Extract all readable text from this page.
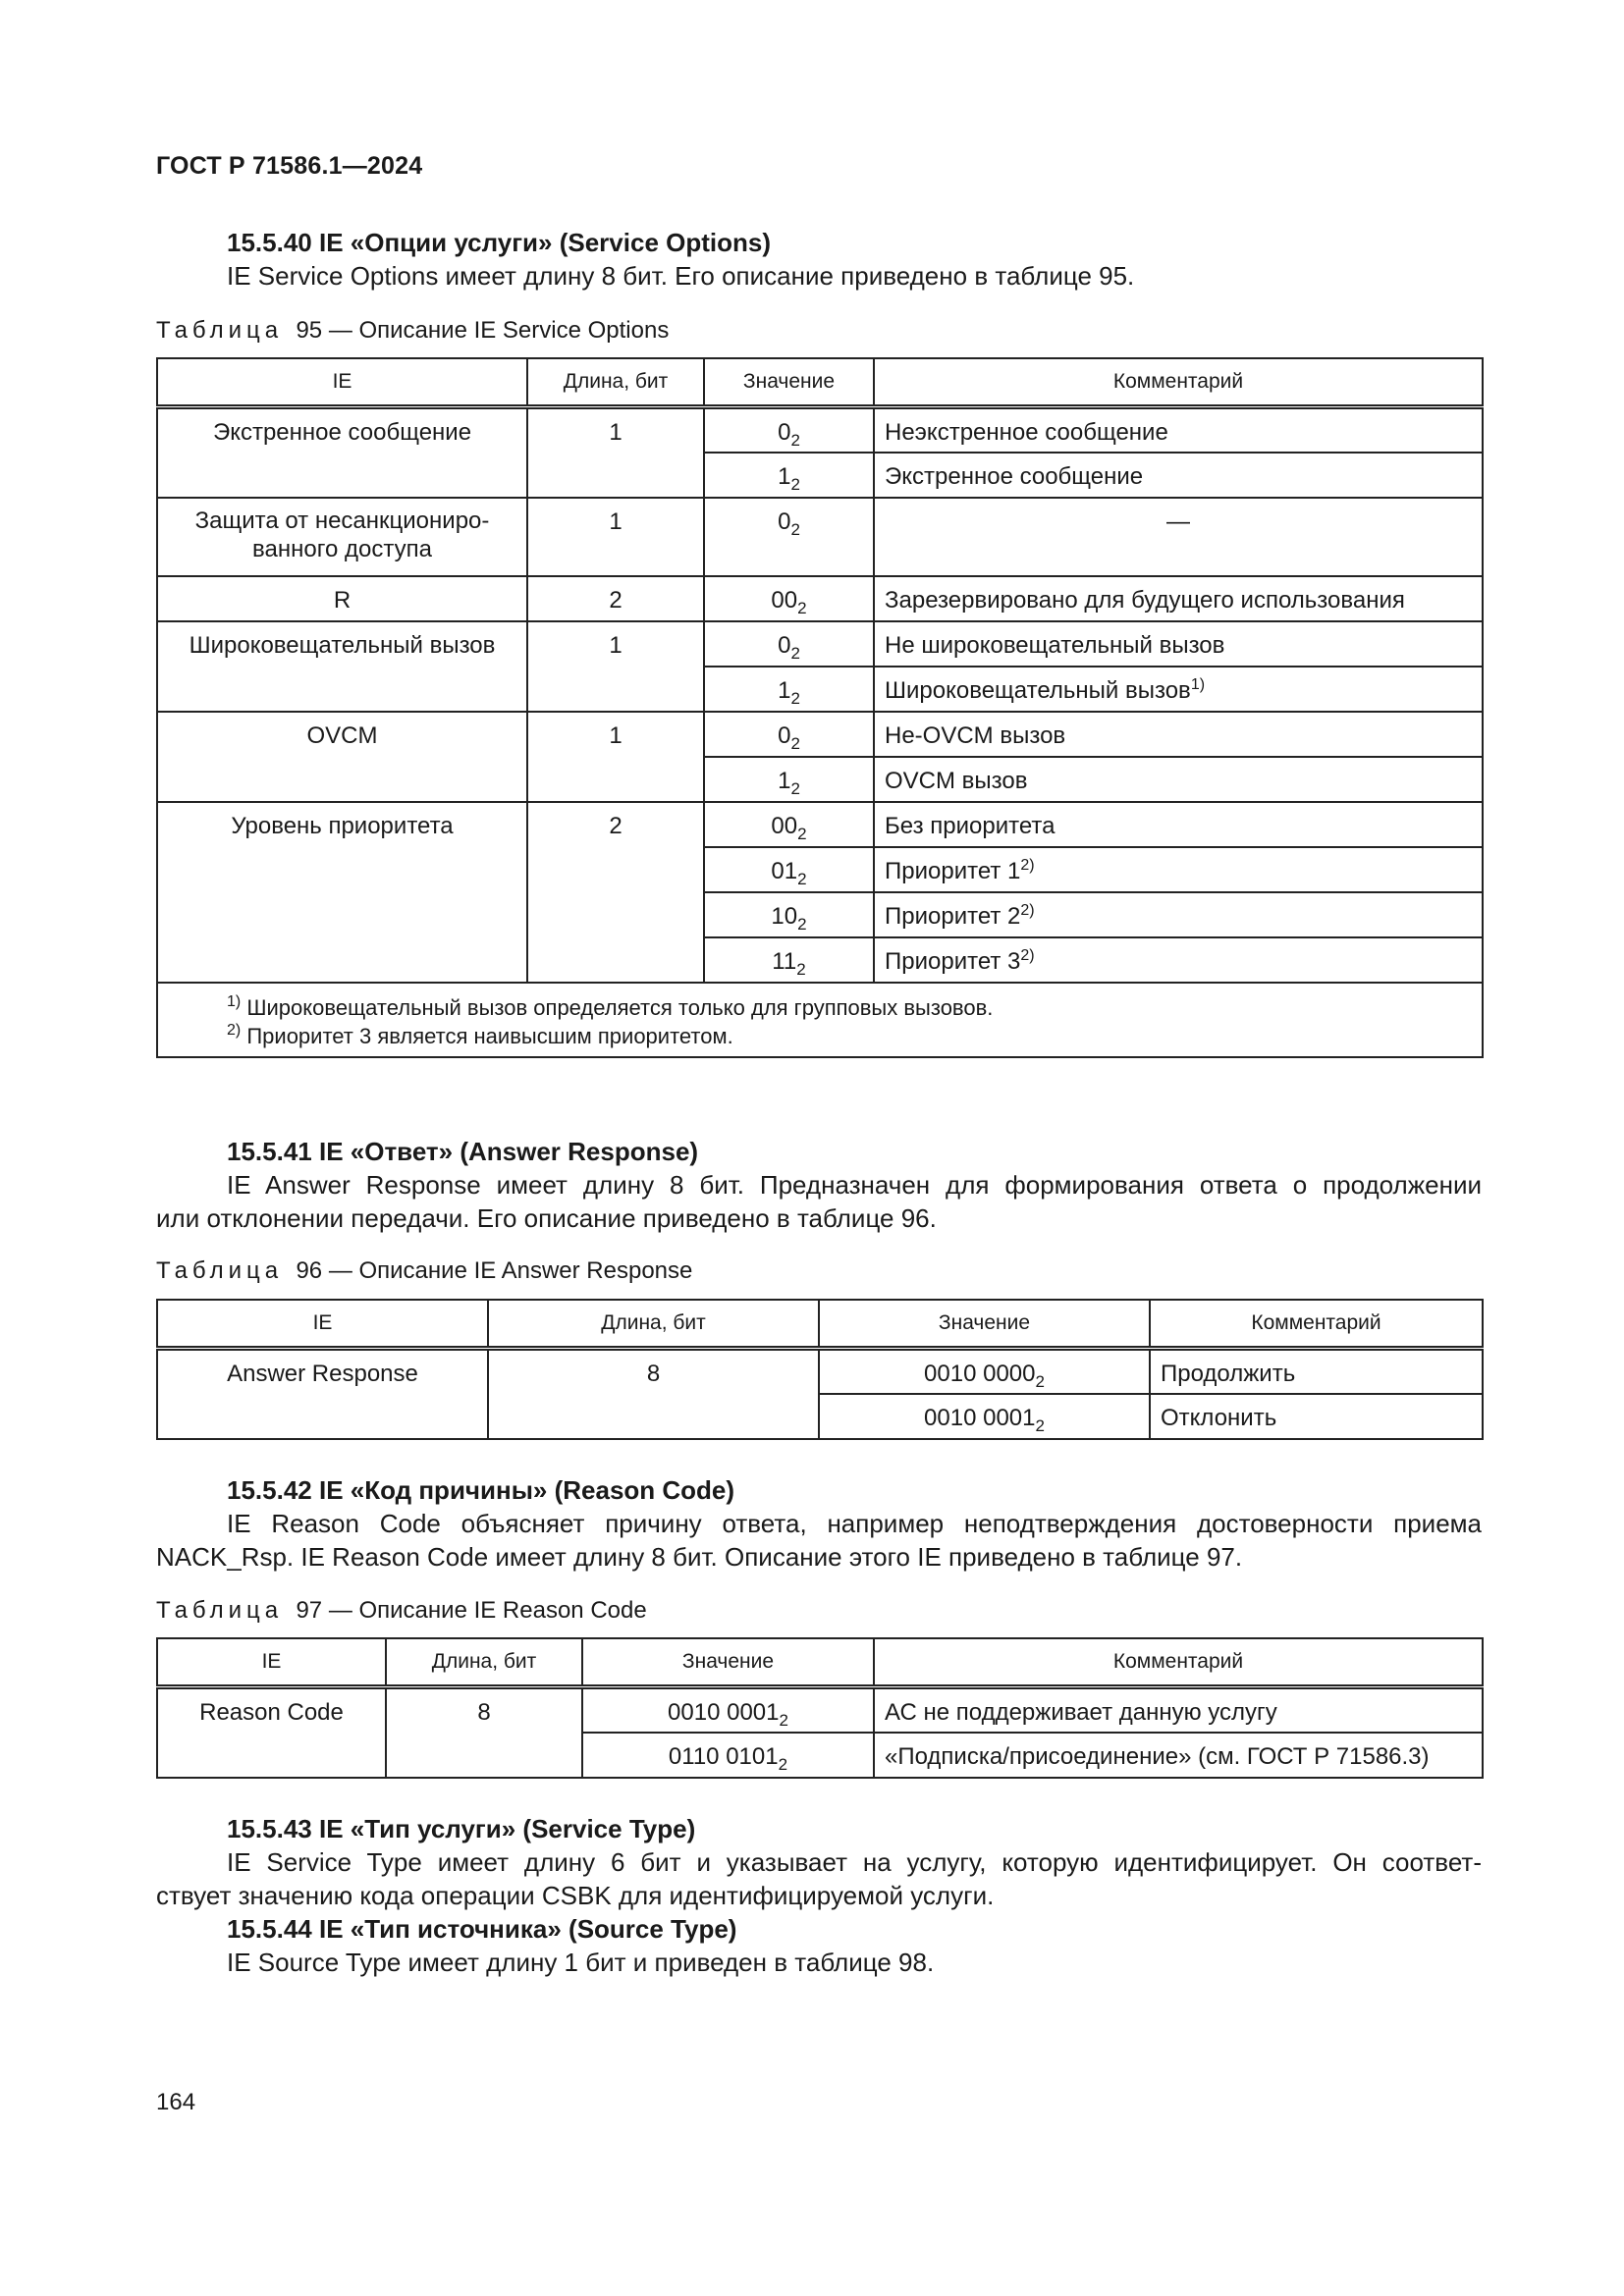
ГОСТ Р 71586.1—2024
15.5.40 IE «Опции услуги» (Service Options)
IE Service Options имеет длину 8 бит. Его описание приведено в таблице 95.
Таблица 95 — Описание IE Service Options
IE	Длина, бит	Значение	Комментарий
Экстренное сообщение	1	$0_2$	Неэкстренное сообщение
		$1_2$	Экстренное сообщение

Защита от несанкциониро-
ванного доступа	1	$0_2$	—
R	2	$00_2$	Зарезервировано для будущего использования
Широковещательный вызов	1	$0_2$	Не широковещательный вызов
		$1_2$	Широковещательный вызов$^{1)}$
OVCM	1	$0_2$	Не-OVCM вызов
		$1_2$	OVCM вызов
Уровень приоритета	2	$00_2$	Без приоритета
		$01_2$	Приоритет 1$^{2)}$
		$10_2$	Приоритет 2$^{2)}$
		$11_2$	Приоритет 3$^{2)}$

$^{1)}$ Широковещательный вызов определяется только для групповых вызовов.
$^{2)}$ Приоритет 3 является наивысшим приоритетом.			
15.5.41 IE «Ответ» (Answer Response)
IE Answer Response имеет длину 8 бит. Предназначен для формирования ответа о продолжении
или отклонении передачи. Его описание приведено в таблице 96.
Таблица 96 — Описание IE Answer Response
IE	Длина, бит	Значение	Комментарий
Answer Response	8	0010 $0000_2$	Продолжить
		0010 $0001_2$	Отклонить
15.5.42 IE «Код причины» (Reason Code)
IE Reason Code объясняет причину ответа, например неподтверждения достоверности приема
NACK_Rsp. IE Reason Code имеет длину 8 бит. Описание этого IE приведено в таблице 97.
Таблица 97 — Описание IE Reason Code
IE	Длина, бит	Значение	Комментарий
Reason Code	8	0010 $0001_2$	АС не поддерживает данную услугу
		0110 $0101_2$	«Подписка/присоединение» (см. ГОСТ Р 71586.3)
15.5.43 IE «Тип услуги» (Service Type)
IE Service Type имеет длину 6 бит и указывает на услугу, которую идентифицирует. Он соответ-
ствует значению кода операции CSBK для идентифицируемой услуги.
15.5.44 IE «Тип источника» (Source Type)
IE Source Type имеет длину 1 бит и приведен в таблице 98.
164
